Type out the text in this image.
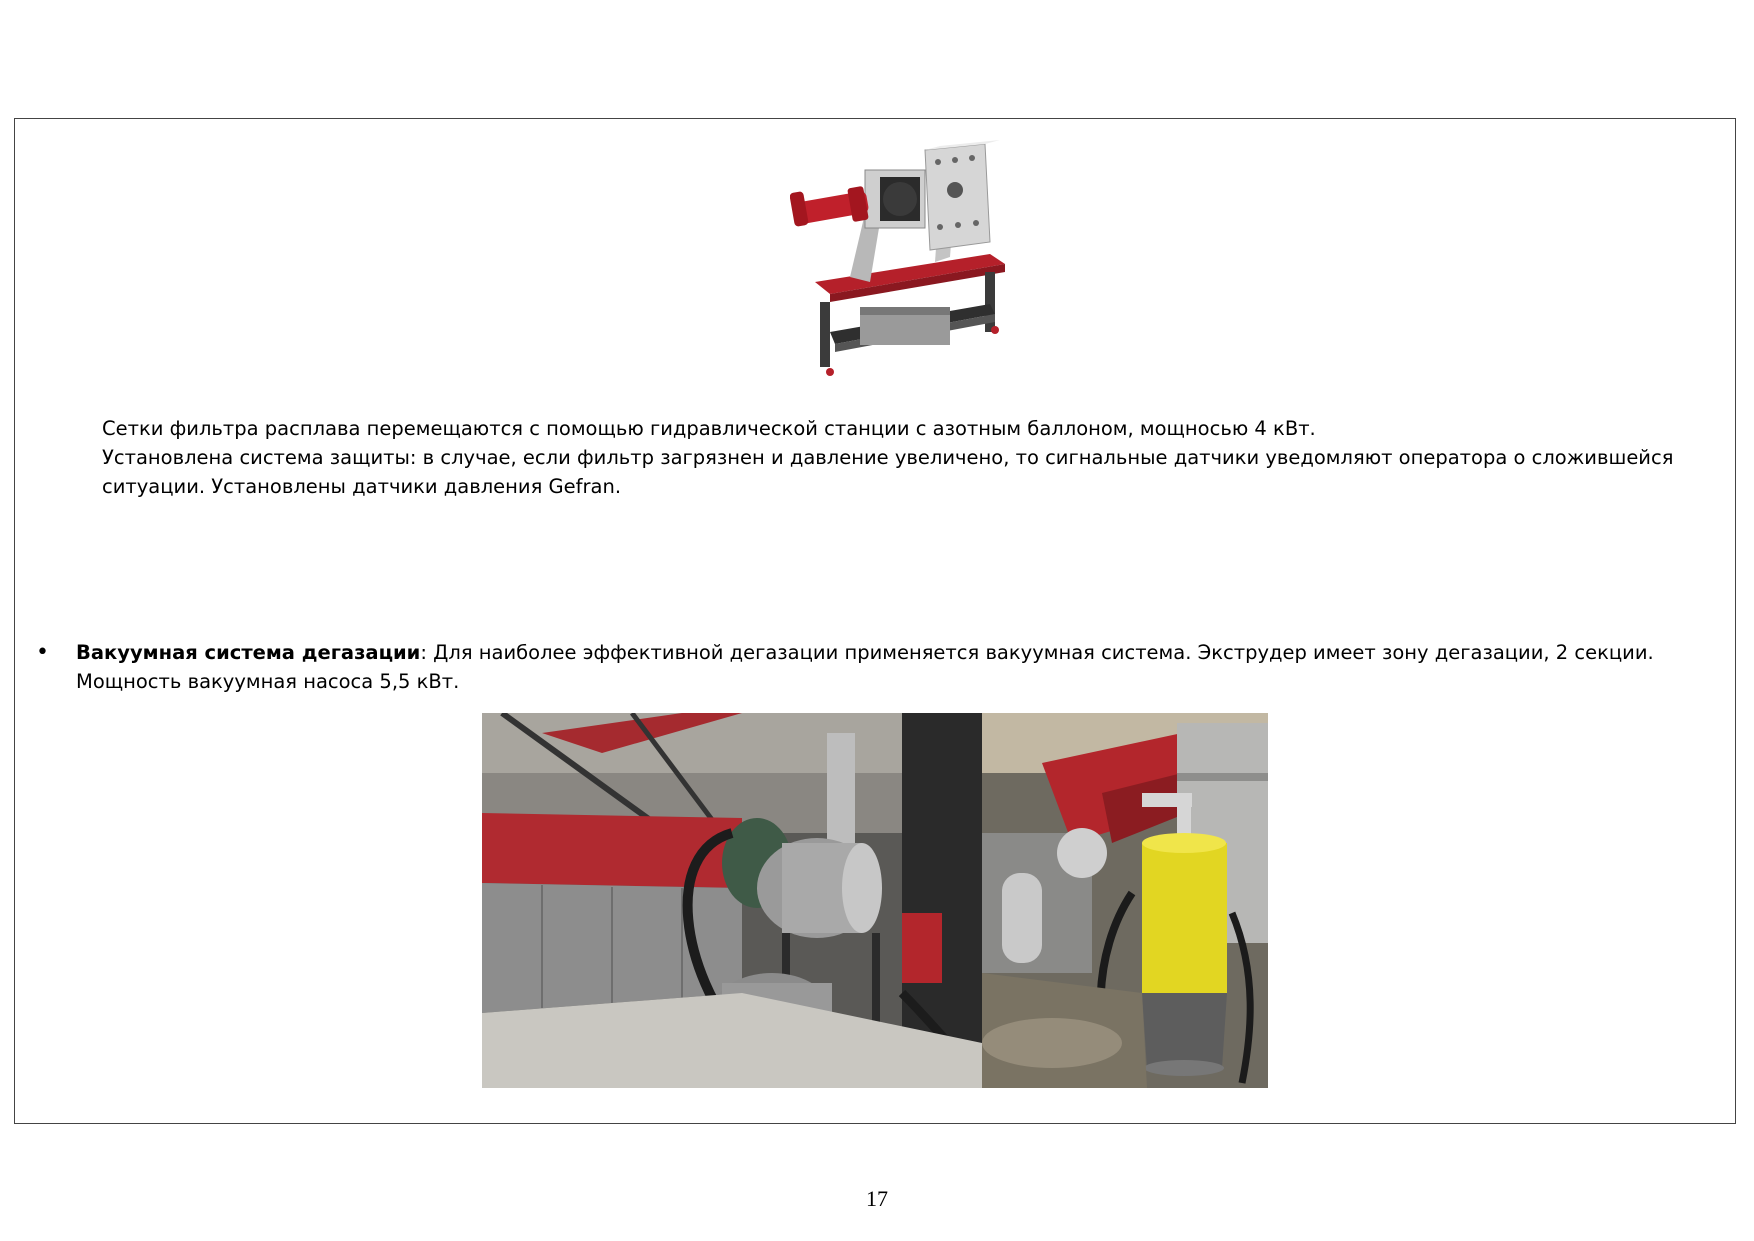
Сетки фильтра расплава перемещаются с помощью гидравлической станции с азотным баллоном, мощносью 4 кВт.

Установлена система защиты: в случае, если фильтр загрязнен и давление увеличено, то сигнальные датчики уведомляют оператора о сложившейся ситуации. Установлены датчики давления Gefran.

• Вакуумная система дегазации: Для наиболее эффективной дегазации применяется вакуумная система. Экструдер имеет зону дегазации, 2 секции. Мощность вакуумная насоса 5,5 кВт.
17
